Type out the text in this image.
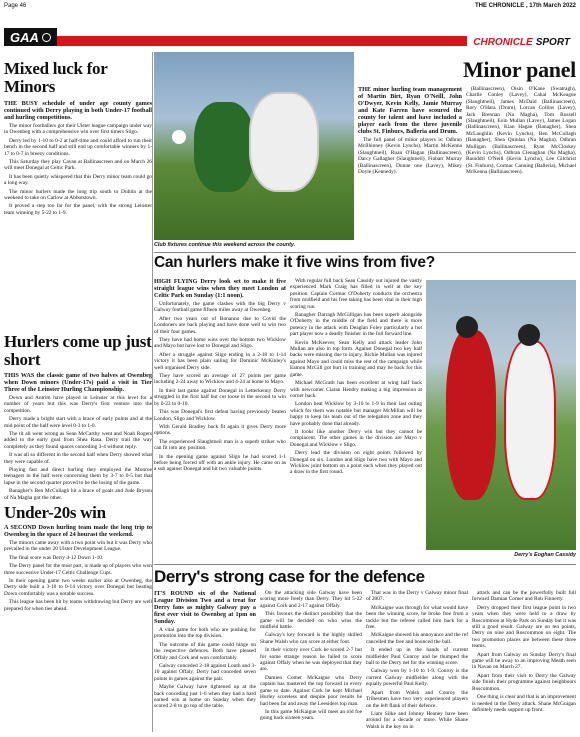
Page 46	THE CHRONICLE , 17th March 2022
GAA	CHRONICLE SPORT
Mixed luck for Minors

THE BUSY schedule of under age county games continued with Derry playing in both Under-17 football and hurling competitions.

The minor footballers got their Ulster league campaign under way in Owenbeg with a comprehensive win over first timers Sligo.

Derry led by 1-10 to 0-2 at half-time and could afford to run their bench in the second half and still end up comfortable winners by 1-17 to 0-7 in breezy conditions.

This Saturday they play Cavan at Ballinascreen and on March 26 will meet Donegal at Celtic Park.

It has been quietly whispered that this Derry minor team could go a long way.

The minor hurlers made the long trip south to Dublin at the weekend to take on Carlow at Abbotstown.

It proved a step too far for the panel, with the strong Leinster team winning by 5-22 to 1-9.

Hurlers come up just short

THIS WAS the classic game of two halves at Owenbeg when Down minors (Under-17s) paid a visit in Tier Three of the Leinster Hurling Championship.

Down and Antrim have played in Leinster at this level for a number of years but this was Derry's first venture into the competition.

Derry made a bright start with a brace of early points and at the mid point of the half were level 0-3 to 1-0.

The tit all went wrong as Sean McCarthy went and Noah Rogers added to the early goal from Shea Rasa. Derry trail the way completely as they found spaces conceding 3-4 without reply.

It was all so different in the second half when Derry showed what they were capable of.

Playing fast and direct hurling they employed the Monroe teenagers in the half were concerning them by 3-7 to 0-5 but that lapse in the second quarter proved to be the losing of the game.

Banagher's Ben McCullagh hit a brace of goals and Jude Bryson of Na Magha got the other.

Under-20s win

A SECOND Down hurling team made the long trip to Owenbeg in the space of 24 hourast the weekend.

The minors came away with a two point win but it was Derry who prevailed in the under 20 Ulster Development League.

The final score was Derry 4-12 Down 1-10.

The Derry panel for the most part, is made up of players who won three successive Under-17 Celtic Challenge Cups.

In their opening game two weeks earlier also at Owenbeg, the Derry side built a 3-10 to 0-14 victory over Donegal but beating Down comfortably was a notable success.

This league has been hit by teams withdrawing but Derry are well prepared for when ties ahead.

Club fixtures continue this weekend across the county.
Minor panel

THE minor hurling team management of Martin Birt, Ryan O'Neill, John O'Dwyer, Kevin Kelly, Jamie Murray and Kate Farren have scoured the county for talent and have included a player each from the three juvenile clubs St. Finburs, Balleria and Drum.

The full panel of minor players is: Odhran McIlhinney (Kevin Lynchs), Martin McKenna (Slaughtneil), Ruan O'Hagan (Ballinascreen), Darcy Gallagher (Slaughtneil), Finbarr Murray (Ballinascreen), Dunne one (Lavey), Mikey Doyle (Kennedy).

(Ballinascreen), Oisin O'Kane (Swatragh), Charlie Conley (Lavey), Cahal McKeague (Slaughtneil), James McDaid (Ballinascreen), Rory O'Hara (Drum), Lorcan Collins (Lavey), Jack Brennan (Na Magha), Tom Russell (Slaughtneil), Eoin Mullan (Lavey), James Logan (Ballinascreen), Kian Hagan (Banagher), Shea McLaughlin (Kevin Lynchs), Ben McCullagh (Banagher), Shea Quinlan (Na Magha), Odhran Mulligan (Ballinascreen), Ryan McCloskey (Kevin Lynchs), Odhran Clenaghan (Na Magha), Rauiddri O'Neill (Kevin Lynchs), Lee Gilchrist (St. Finburs), Cormac Canning (Balleria), Michael McKenna (Ballinascreen).

Can hurlers make it five wins from five?

HIGH FLYING Derry look set to make it five straight league wins when they meet London at Celtic Park on Sunday (1:1 noon).

Unfortunately, the game clashes with the big Derry v Galway football game fifteen miles away at Owenbeg.

After two years out of Bonanno due to Covid the Londoners are back playing and have done well to win two of their four games.

They have had home wins over the bottom two Wicklow and Mayo but have lost to Donegal and Sligo.

After a struggle against Sligo ending in a 2-18 to 1-14 victory it has been plain sailing for Dominic McKinley's well organised Derry side.

They have scored an average of 27 points per game including 2-24 away to Wicklow and 4-24 at home to Mayo.

In their last game against Donegal in Letterkenny Derry struggled in the first half but cut loose in the second to win by 0-23 to 0-10.

This was Donegal's first defeat having previously beaten London, Sligo and Wicklow.

With Gerald Bradley back fit again it gives Derry more options.

The experienced Slaughtneil man is a superb striker who can fit into any position.

In the opening game against Sligo he had scored 1-1 before being forced off with an ankle injury. He came on as a sub against Donegal and hit two valuable points.

With regular full back Sean Cassidy out injured the vastly experienced Mark Craig has filled in well at the key position. Captain Cormac O'Doherty conducts the orchestra from midfield and his free taking has been vital in their high scoring run.

Banagher Darragh McGilligan has been superb alongside O'Doherty in the middle of the field and there is more potency in the attack with Deaglan Foley particularly a hot part player now a deadly finisher in the full forward line.

Kevin McKeever, Sean Kelly and attack leader John Mullan are also in top form. Against Donegal two key half backs were missing due to injury. Richie Mullan was injured against Mayo and could miss the rest of the campaign while Eamon McGill got hurt in training and may be back for this game.

Michael McGrath has been excellent at wing half back with newcomer Ciaran Hendry making a big impression at corner back.

London beat Wicklow by 3-10 to 1-9 in their last outing which for them was notable but manager McMillan will be happy to keep his team out of the relegation zone and they have probably done that already.

It looks like another Derry win but they cannot be complacent. The other games in the division are Mayo v Donegal and Wicklow v Sligo.

Derry lead the division on eight points followed by Donegal on six. London and Sligo have two with Mayo and Wicklow joint bottom on a point each when they played out a draw in the first round.

Derry's Eoghan Cassidy
Derry's strong case for the defence

IT'S ROUND six of the National League Division Two and a treat for Derry fans as mighty Galway pay a first ever visit to Owenbeg at 1pm on Sunday.

A vital game for both who are pushing for promotion into the top division.

The outcome of this game could hinge on the respective defences. Both have pleased Offaly and Cork and won comfortably.

Galway conceded 2-18 against Louth and 3-10 against Offaly. Derry had conceded seven points in games against the pair.

Maybe Galway have tightened up at the back conceding just 1-6 when they had a hard earned win at home on Sunday when they scored 2-8 to go top of the table.

On the attacking side Galway have been scoring more freely than Derry. They hit 5-22 against Cork and 2-17 against Offaly.

This favours the distinct possibility that the game will be decided on who wins the midfield battle.

Galway's key forward is the highly skilled Shane Walsh who can score at either foot.

In their victory over Cork he scored 2-7 but for some strange reason he failed to score against Offaly when he was deployed that they are.

Damien Comer McKaigue who Derry captain has mastered the top forward in every game to date. Against Cork he kept Michael Hurley scoreless and despite poor results he had been far and away the Leesiders top man.

In this game McKaigue will meet an old foe going back sixteen years.

That was in the Derry v Galway minor final of 2007.

McKaigue was through for what would have been the winning score, he broke free from a tackle but the referee called him back for a free.

McKaigue showed his annoyance and the ref cancelled the free and bounced the ball.

It ended up in the hands of current midfielder Paul Conroy and he thumped the ball to the Derry net for the winning score.

Galway won by 1-10 to 1-9. Conroy is the current Galway midfielder along with the equally powerful Paul Kelly.

Apart from Walsh and Conroy the Tribesmen have two very experienced players on the left flank of their defence.

Liam Silke and Johnny Heaney have been around for a decade or more. While Shane Walsh is the key on in

attack and can be the powerfully built full forward Damian Comer and Rob Finnerty.

Derry dropped their first league point in two years when they were held to a draw by Roscommon at Hyde Park on Sunday but it was still a good result. Galway are on ten points, Derry on nine and Roscommon on eight. The two promotion places are between these three teams.

Apart from Galway on Sunday Derry's final game will be away to an improving Meath seen in Navan on March 27.

Apart from their visit to Derry the Galway side finish their programme against neighbours Roscommon.

One thing is clear and that is an improvement is needed in the Derry attack. Shane McGuigan definitely needs support up front.
